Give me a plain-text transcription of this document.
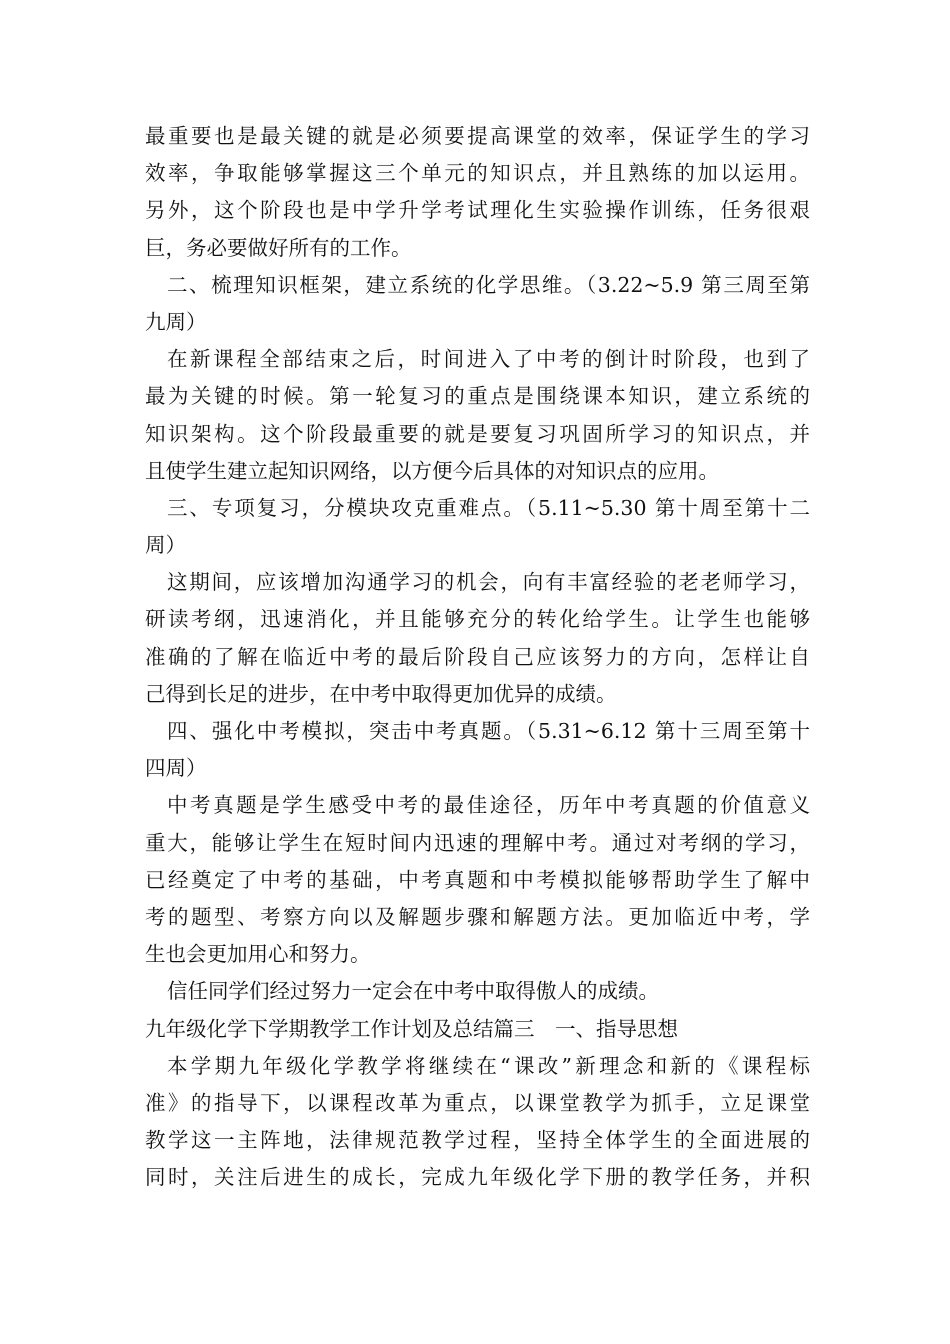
最重要也是最关键的就是必须要提高课堂的效率，保证学生的学习
效率，争取能够掌握这三个单元的知识点，并且熟练的加以运用。
另外，这个阶段也是中学升学考试理化生实验操作训练，任务很艰
巨，务必要做好所有的工作。
二、梳理知识框架，建立系统的化学思维。（3.22~5.9 第三周至第
九周）
在新课程全部结束之后，时间进入了中考的倒计时阶段，也到了
最为关键的时候。第一轮复习的重点是围绕课本知识，建立系统的
知识架构。这个阶段最重要的就是要复习巩固所学习的知识点，并
且使学生建立起知识网络，以方便今后具体的对知识点的应用。
三、专项复习，分模块攻克重难点。（5.11~5.30 第十周至第十二
周）
这期间，应该增加沟通学习的机会，向有丰富经验的老老师学习，
研读考纲，迅速消化，并且能够充分的转化给学生。让学生也能够
准确的了解在临近中考的最后阶段自己应该努力的方向，怎样让自
己得到长足的进步，在中考中取得更加优异的成绩。
四、强化中考模拟，突击中考真题。（5.31~6.12 第十三周至第十
四周）
中考真题是学生感受中考的最佳途径，历年中考真题的价值意义
重大，能够让学生在短时间内迅速的理解中考。通过对考纲的学习，
已经奠定了中考的基础，中考真题和中考模拟能够帮助学生了解中
考的题型、考察方向以及解题步骤和解题方法。更加临近中考，学
生也会更加用心和努力。
信任同学们经过努力一定会在中考中取得傲人的成绩。
九年级化学下学期教学工作计划及总结篇三　一、指导思想
本学期九年级化学教学将继续在“课改”新理念和新的《课程标
准》的指导下，以课程改革为重点，以课堂教学为抓手，立足课堂
教学这一主阵地，法律规范教学过程，坚持全体学生的全面进展的
同时，关注后进生的成长，完成九年级化学下册的教学任务，并积
